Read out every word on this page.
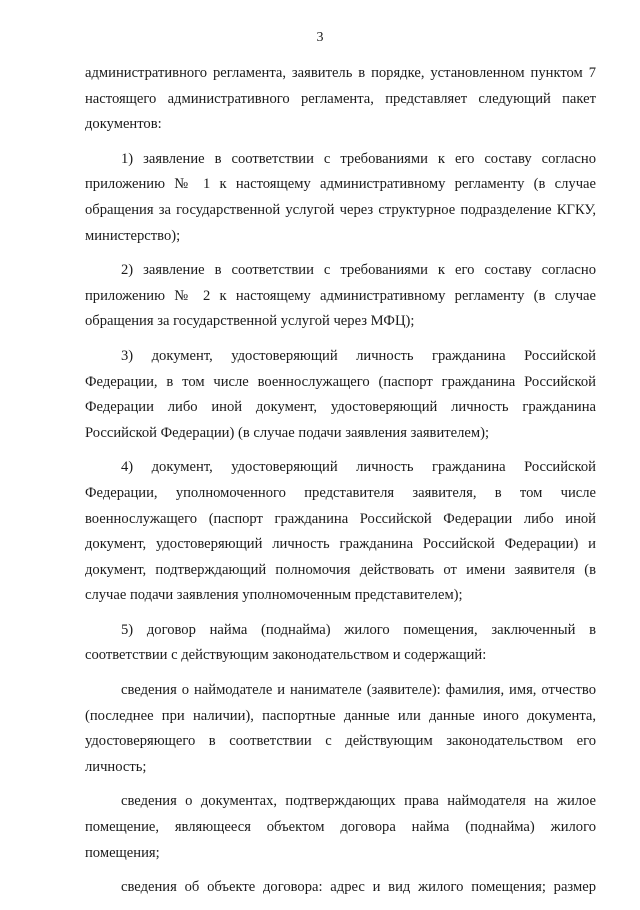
3

административного регламента, заявитель в порядке, установленном пунктом 7 настоящего административного регламента, представляет следующий пакет документов:

1) заявление в соответствии с требованиями к его составу согласно приложению № 1 к настоящему административному регламенту (в случае обращения за государственной услугой через структурное подразделение КГКУ, министерство);

2) заявление в соответствии с требованиями к его составу согласно приложению № 2 к настоящему административному регламенту (в случае обращения за государственной услугой через МФЦ);

3) документ, удостоверяющий личность гражданина Российской Федерации, в том числе военнослужащего (паспорт гражданина Российской Федерации либо иной документ, удостоверяющий личность гражданина Российской Федерации) (в случае подачи заявления заявителем);

4) документ, удостоверяющий личность гражданина Российской Федерации, уполномоченного представителя заявителя, в том числе военнослужащего (паспорт гражданина Российской Федерации либо иной документ, удостоверяющий личность гражданина Российской Федерации) и документ, подтверждающий полномочия действовать от имени заявителя (в случае подачи заявления уполномоченным представителем);

5) договор найма (поднайма) жилого помещения, заключенный в соответствии с действующим законодательством и содержащий:

сведения о наймодателе и нанимателе (заявителе): фамилия, имя, отчество (последнее при наличии), паспортные данные или данные иного документа, удостоверяющего в соответствии с действующим законодательством его личность;

сведения о документах, подтверждающих права наймодателя на жилое помещение, являющееся объектом договора найма (поднайма) жилого помещения;

сведения об объекте договора: адрес и вид жилого помещения; размер
